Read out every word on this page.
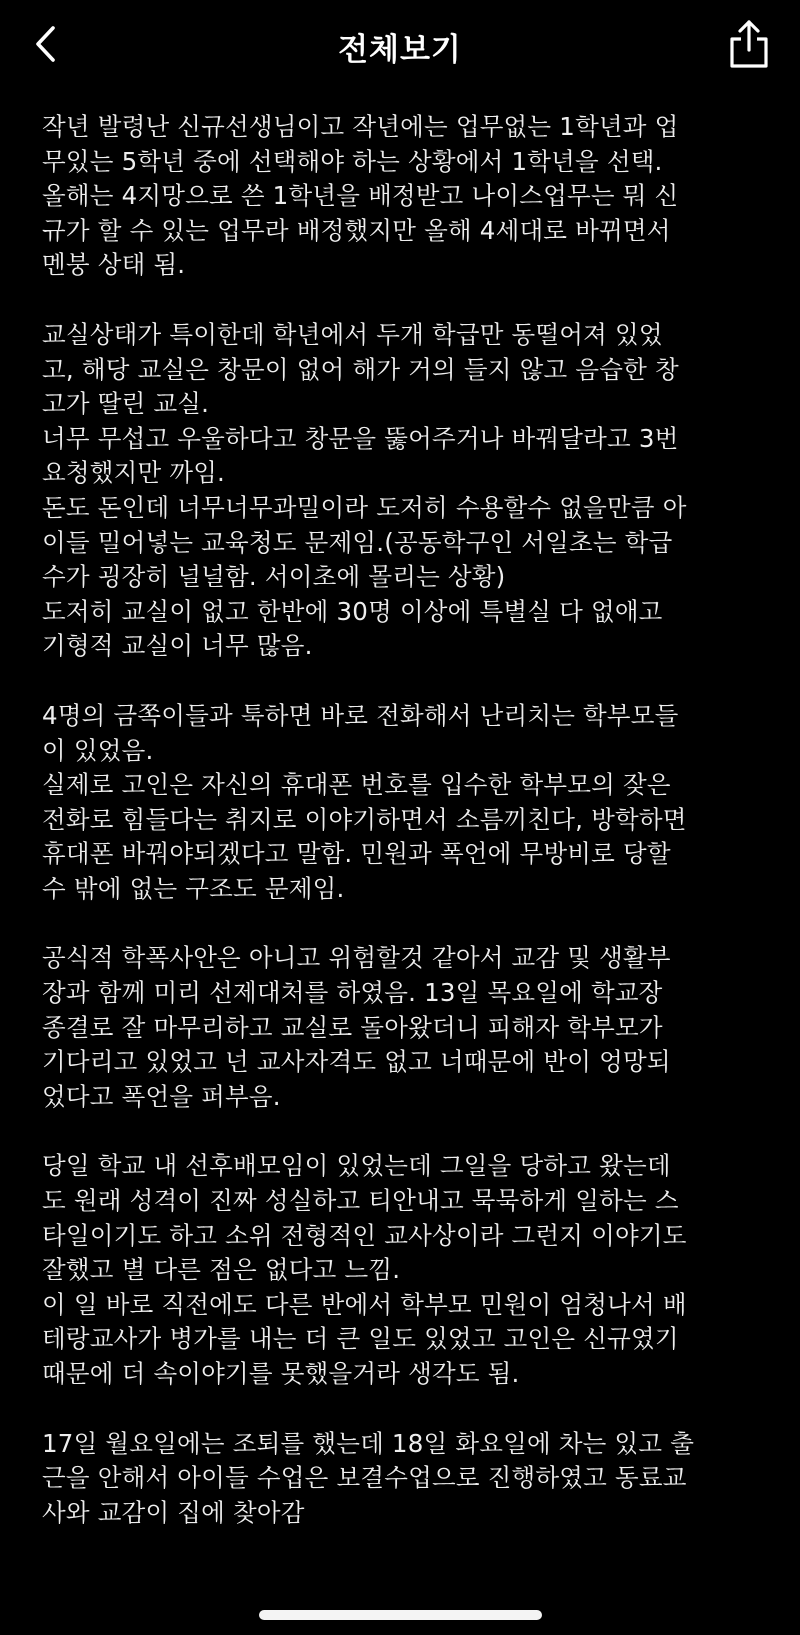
전체보기
작년 발령난 신규선생님이고 작년에는 업무없는 1학년과 업
무있는 5학년 중에 선택해야 하는 상황에서 1학년을 선택.
올해는 4지망으로 쓴 1학년을 배정받고 나이스업무는 뭐 신
규가 할 수 있는 업무라 배정했지만 올해 4세대로 바뀌면서
멘붕 상태 됨.
교실상태가 특이한데 학년에서 두개 학급만 동떨어져 있었
고, 해당 교실은 창문이 없어 해가 거의 들지 않고 음습한 창
고가 딸린 교실.
너무 무섭고 우울하다고 창문을 뚫어주거나 바꿔달라고 3번
요청했지만 까임.
돈도 돈인데 너무너무과밀이라 도저히 수용할수 없을만큼 아
이들 밀어넣는 교육청도 문제임.(공동학구인 서일초는 학급
수가 굉장히 널널함. 서이초에 몰리는 상황)
도저히 교실이 없고 한반에 30명 이상에 특별실 다 없애고
기형적 교실이 너무 많음.
4명의 금쪽이들과 툭하면 바로 전화해서 난리치는 학부모들
이 있었음.
실제로 고인은 자신의 휴대폰 번호를 입수한 학부모의 잦은
전화로 힘들다는 취지로 이야기하면서 소름끼친다, 방학하면
휴대폰 바꿔야되겠다고 말함. 민원과 폭언에 무방비로 당할
수 밖에 없는 구조도 문제임.
공식적 학폭사안은 아니고 위험할것 같아서 교감 및 생활부
장과 함께 미리 선제대처를 하였음. 13일 목요일에 학교장
종결로 잘 마무리하고 교실로 돌아왔더니 피해자 학부모가
기다리고 있었고 넌 교사자격도 없고 너때문에 반이 엉망되
었다고 폭언을 퍼부음.
당일 학교 내 선후배모임이 있었는데 그일을 당하고 왔는데
도 원래 성격이 진짜 성실하고 티안내고 묵묵하게 일하는 스
타일이기도 하고 소위 전형적인 교사상이라 그런지 이야기도
잘했고 별 다른 점은 없다고 느낌.
이 일 바로 직전에도 다른 반에서 학부모 민원이 엄청나서 배
테랑교사가 병가를 내는 더 큰 일도 있었고 고인은 신규였기
때문에 더 속이야기를 못했을거라 생각도 됨.
17일 월요일에는 조퇴를 했는데 18일 화요일에 차는 있고 출
근을 안해서 아이들 수업은 보결수업으로 진행하였고 동료교
사와 교감이 집에 찾아감
